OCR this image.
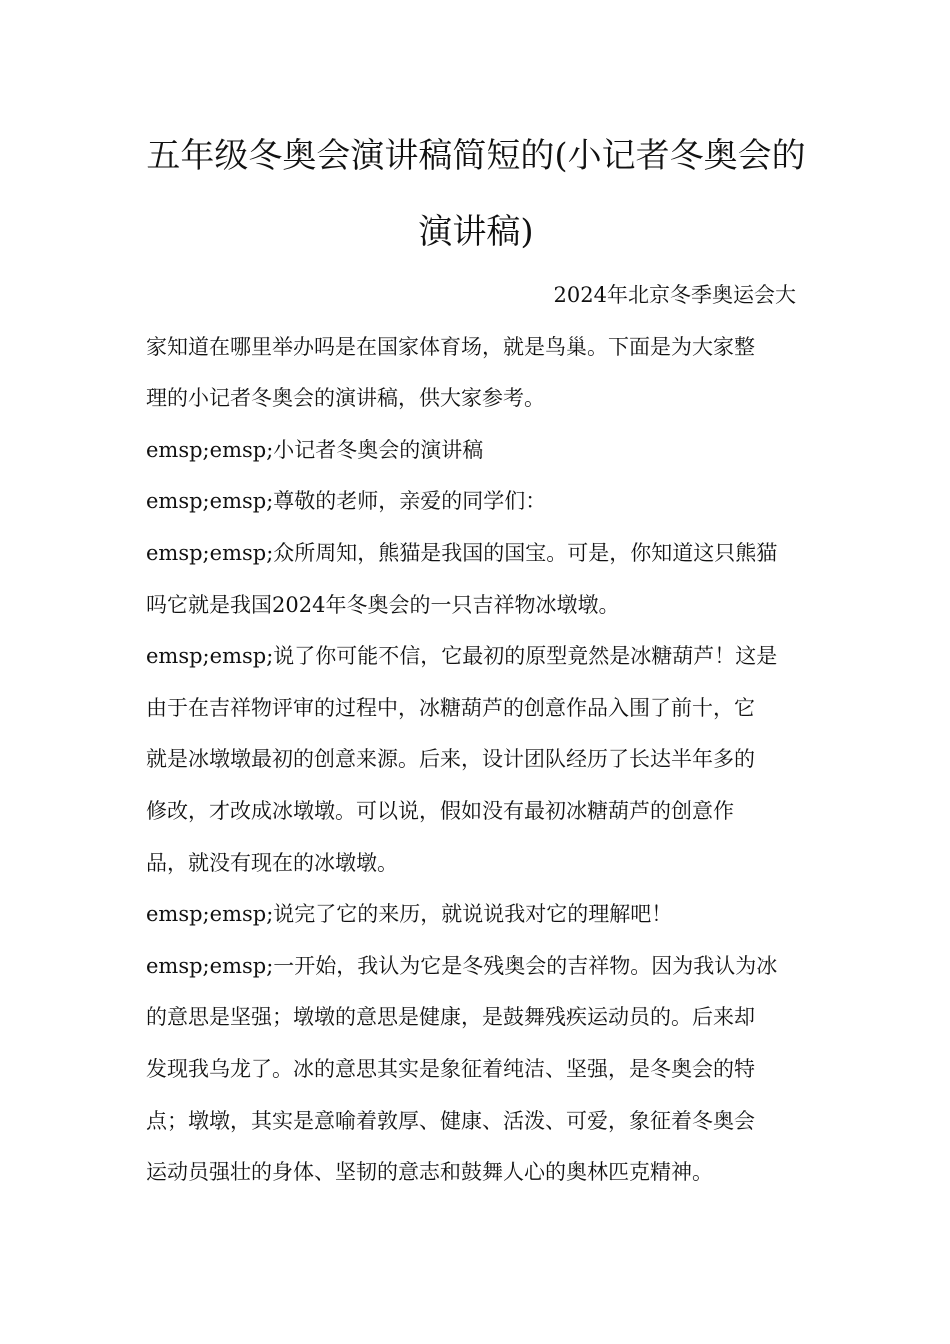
五年级冬奥会演讲稿简短的(小记者冬奥会的
演讲稿)
2024年北京冬季奥运会大
家知道在哪里举办吗是在国家体育场，就是鸟巢。下面是为大家整
理的小记者冬奥会的演讲稿，供大家参考。
emsp;emsp;小记者冬奥会的演讲稿
emsp;emsp;尊敬的老师，亲爱的同学们：
emsp;emsp;众所周知，熊猫是我国的国宝。可是，你知道这只熊猫
吗它就是我国2024年冬奥会的一只吉祥物冰墩墩。
emsp;emsp;说了你可能不信，它最初的原型竟然是冰糖葫芦！这是
由于在吉祥物评审的过程中，冰糖葫芦的创意作品入围了前十，它
就是冰墩墩最初的创意来源。后来，设计团队经历了长达半年多的
修改，才改成冰墩墩。可以说，假如没有最初冰糖葫芦的创意作
品，就没有现在的冰墩墩。
emsp;emsp;说完了它的来历，就说说我对它的理解吧！
emsp;emsp;一开始，我认为它是冬残奥会的吉祥物。因为我认为冰
的意思是坚强；墩墩的意思是健康，是鼓舞残疾运动员的。后来却
发现我乌龙了。冰的意思其实是象征着纯洁、坚强，是冬奥会的特
点；墩墩，其实是意喻着敦厚、健康、活泼、可爱，象征着冬奥会
运动员强壮的身体、坚韧的意志和鼓舞人心的奥林匹克精神。
